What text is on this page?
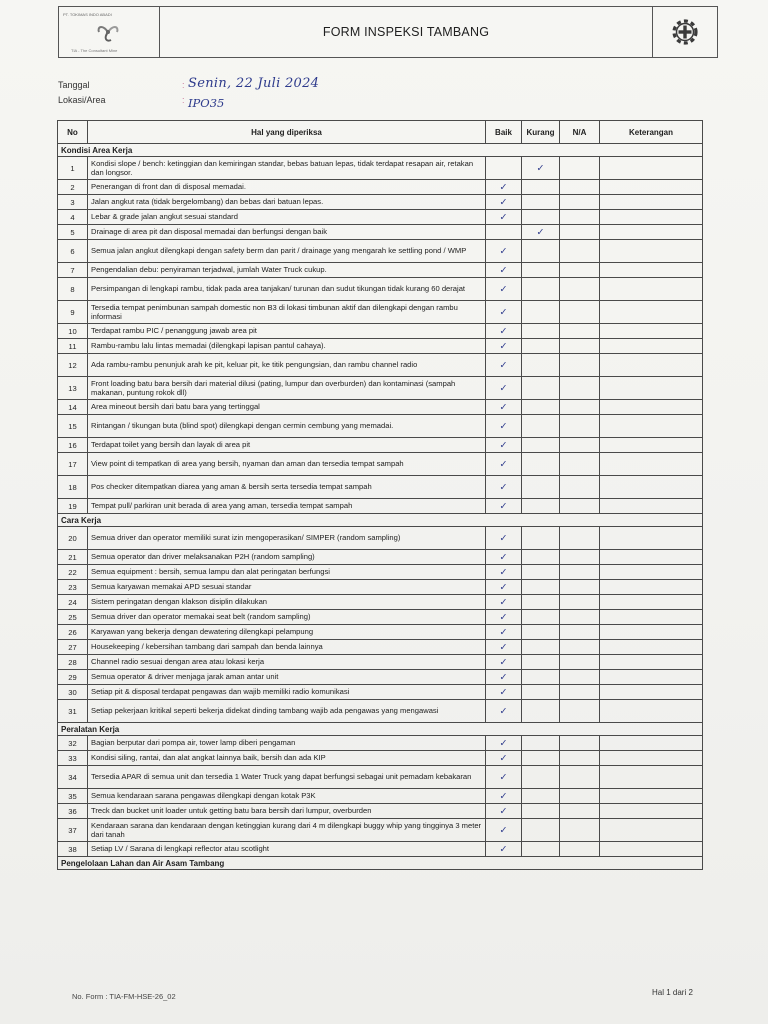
PT. TOKIMAS INDO ABADI
TIA - The Consultant Mine
FORM INSPEKSI TAMBANG
Tanggal
Lokasi/Area
:
:
Senin, 22 Juli 2024
IPO35
No	Hal yang diperiksa	Baik	Kurang	N/A	Keterangan
Kondisi Area Kerja					
1	Kondisi slope / bench: ketinggian dan kemiringan standar, bebas batuan lepas, tidak terdapat resapan air, retakan dan longsor.		✓		
2	Penerangan di front dan di disposal memadai.	✓			
3	Jalan angkut rata (tidak bergelombang) dan bebas dari batuan lepas.	✓			
4	Lebar & grade jalan angkut sesuai standard	✓			
5	Drainage di area pit dan disposal memadai dan berfungsi dengan baik		✓		
6	Semua jalan angkut dilengkapi dengan safety berm dan parit / drainage yang mengarah ke settling pond / WMP	✓			
7	Pengendalian debu: penyiraman terjadwal, jumlah Water Truck cukup.	✓			
8	Persimpangan di lengkapi rambu, tidak pada area tanjakan/ turunan dan sudut tikungan tidak kurang 60 derajat	✓			
9	Tersedia tempat penimbunan sampah domestic non B3 di lokasi timbunan aktif dan dilengkapi dengan rambu informasi	✓			
10	Terdapat rambu PIC / penanggung jawab area pit	✓			
11	Rambu-rambu lalu lintas memadai (dilengkapi lapisan pantul cahaya).	✓			
12	Ada rambu-rambu penunjuk arah ke pit, keluar pit, ke titik pengungsian, dan rambu channel radio	✓			
13	Front loading batu bara bersih dari material dilusi (pating, lumpur dan overburden) dan kontaminasi (sampah makanan, puntung rokok dll)	✓			
14	Area mineout bersih dari batu bara yang tertinggal	✓			
15	Rintangan / tikungan buta (blind spot) dilengkapi dengan cermin cembung yang memadai.	✓			
16	Terdapat toilet yang bersih dan layak di area pit	✓			
17	View point di tempatkan di area yang bersih, nyaman dan aman dan tersedia tempat sampah	✓			
18	Pos checker ditempatkan diarea yang aman & bersih serta tersedia tempat sampah	✓			
19	Tempat pull/ parkiran unit berada di area yang aman, tersedia tempat sampah	✓			
Cara Kerja					
20	Semua driver dan operator memiliki surat izin mengoperasikan/ SIMPER (random sampling)	✓			
21	Semua operator dan driver melaksanakan P2H (random sampling)	✓			
22	Semua equipment : bersih, semua lampu dan alat peringatan berfungsi	✓			
23	Semua karyawan memakai APD sesuai standar	✓			
24	Sistem peringatan dengan klakson disiplin dilakukan	✓			
25	Semua driver dan operator memakai seat belt (random sampling)	✓			
26	Karyawan yang bekerja dengan dewatering dilengkapi pelampung	✓			
27	Housekeeping / kebersihan tambang dari sampah dan benda lainnya	✓			
28	Channel radio sesuai dengan area atau lokasi kerja	✓			
29	Semua operator & driver menjaga jarak aman antar unit	✓			
30	Setiap pit & disposal terdapat pengawas dan wajib memiliki radio komunikasi	✓			
31	Setiap pekerjaan kritikal seperti bekerja didekat dinding tambang wajib ada pengawas yang mengawasi	✓			
Peralatan Kerja					
32	Bagian berputar dari pompa air, tower lamp diberi pengaman	✓			
33	Kondisi siling, rantai, dan alat angkat lainnya baik, bersih dan ada KIP	✓			
34	Tersedia APAR di semua unit dan tersedia 1 Water Truck yang dapat berfungsi sebagai unit pemadam kebakaran	✓			
35	Semua kendaraan sarana pengawas dilengkapi dengan kotak P3K	✓			
36	Treck dan bucket unit loader untuk getting batu bara bersih dari lumpur, overburden	✓			
37	Kendaraan sarana dan kendaraan dengan ketinggian kurang dari 4 m dilengkapi buggy whip yang tingginya 3 meter dari tanah	✓			
38	Setiap LV / Sarana di lengkapi reflector atau scotlight	✓			
Pengelolaan Lahan dan Air Asam Tambang					
No. Form : TIA-FM-HSE-26_02	Hal 1 dari 2
